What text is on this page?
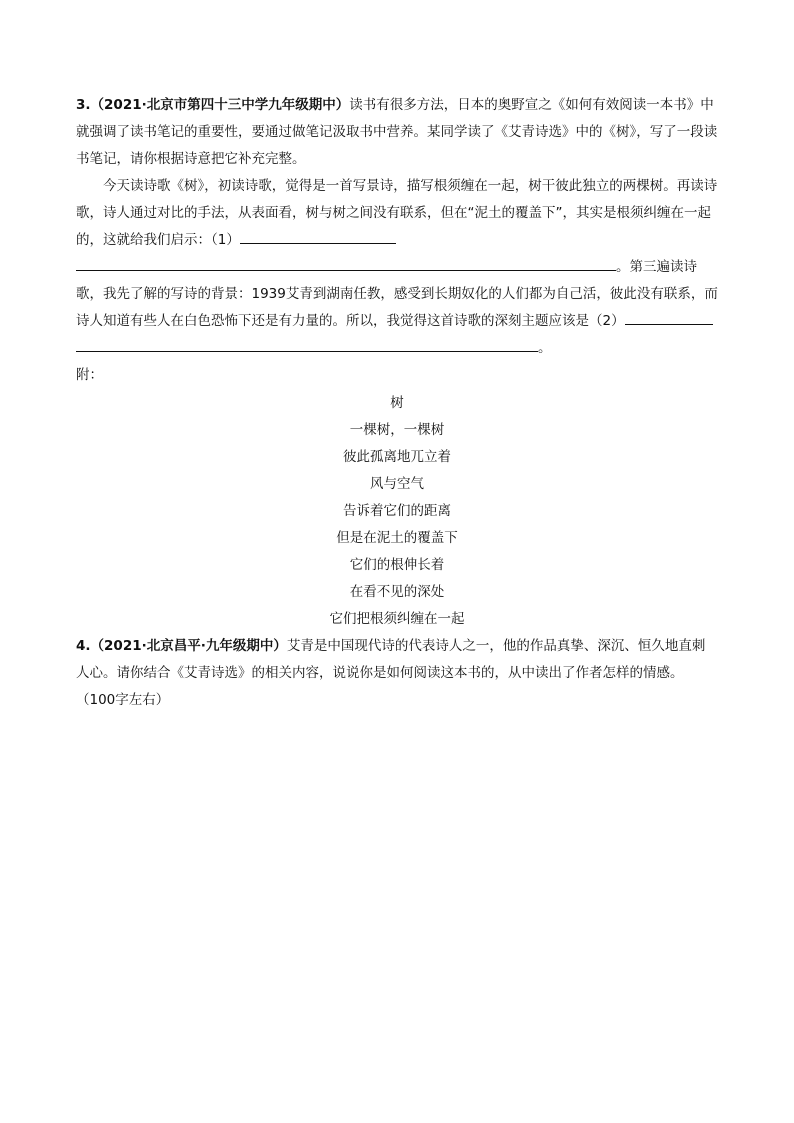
3.（2021·北京市第四十三中学九年级期中）读书有很多方法，日本的奥野宣之《如何有效阅读一本书》中就强调了读书笔记的重要性，要通过做笔记汲取书中营养。某同学读了《艾青诗选》中的《树》，写了一段读书笔记，请你根据诗意把它补充完整。

今天读诗歌《树》，初读诗歌，觉得是一首写景诗，描写根须缠在一起，树干彼此独立的两棵树。再读诗歌，诗人通过对比的手法，从表面看，树与树之间没有联系，但在“泥土的覆盖下”，其实是根须纠缠在一起的，这就给我们启示：（1）。第三遍读诗歌，我先了解的写诗的背景：1939艾青到湖南任教，感受到长期奴化的人们都为自己活，彼此没有联系，而诗人知道有些人在白色恐怖下还是有力量的。所以，我觉得这首诗歌的深刻主题应该是（2）。

附：

树
一棵树，一棵树
彼此孤离地兀立着
风与空气
告诉着它们的距离
但是在泥土的覆盖下
它们的根伸长着
在看不见的深处
它们把根须纠缠在一起

4.（2021·北京昌平·九年级期中）艾青是中国现代诗的代表诗人之一，他的作品真挚、深沉、恒久地直刺人心。请你结合《艾青诗选》的相关内容，说说你是如何阅读这本书的，从中读出了作者怎样的情感。

（100字左右）
